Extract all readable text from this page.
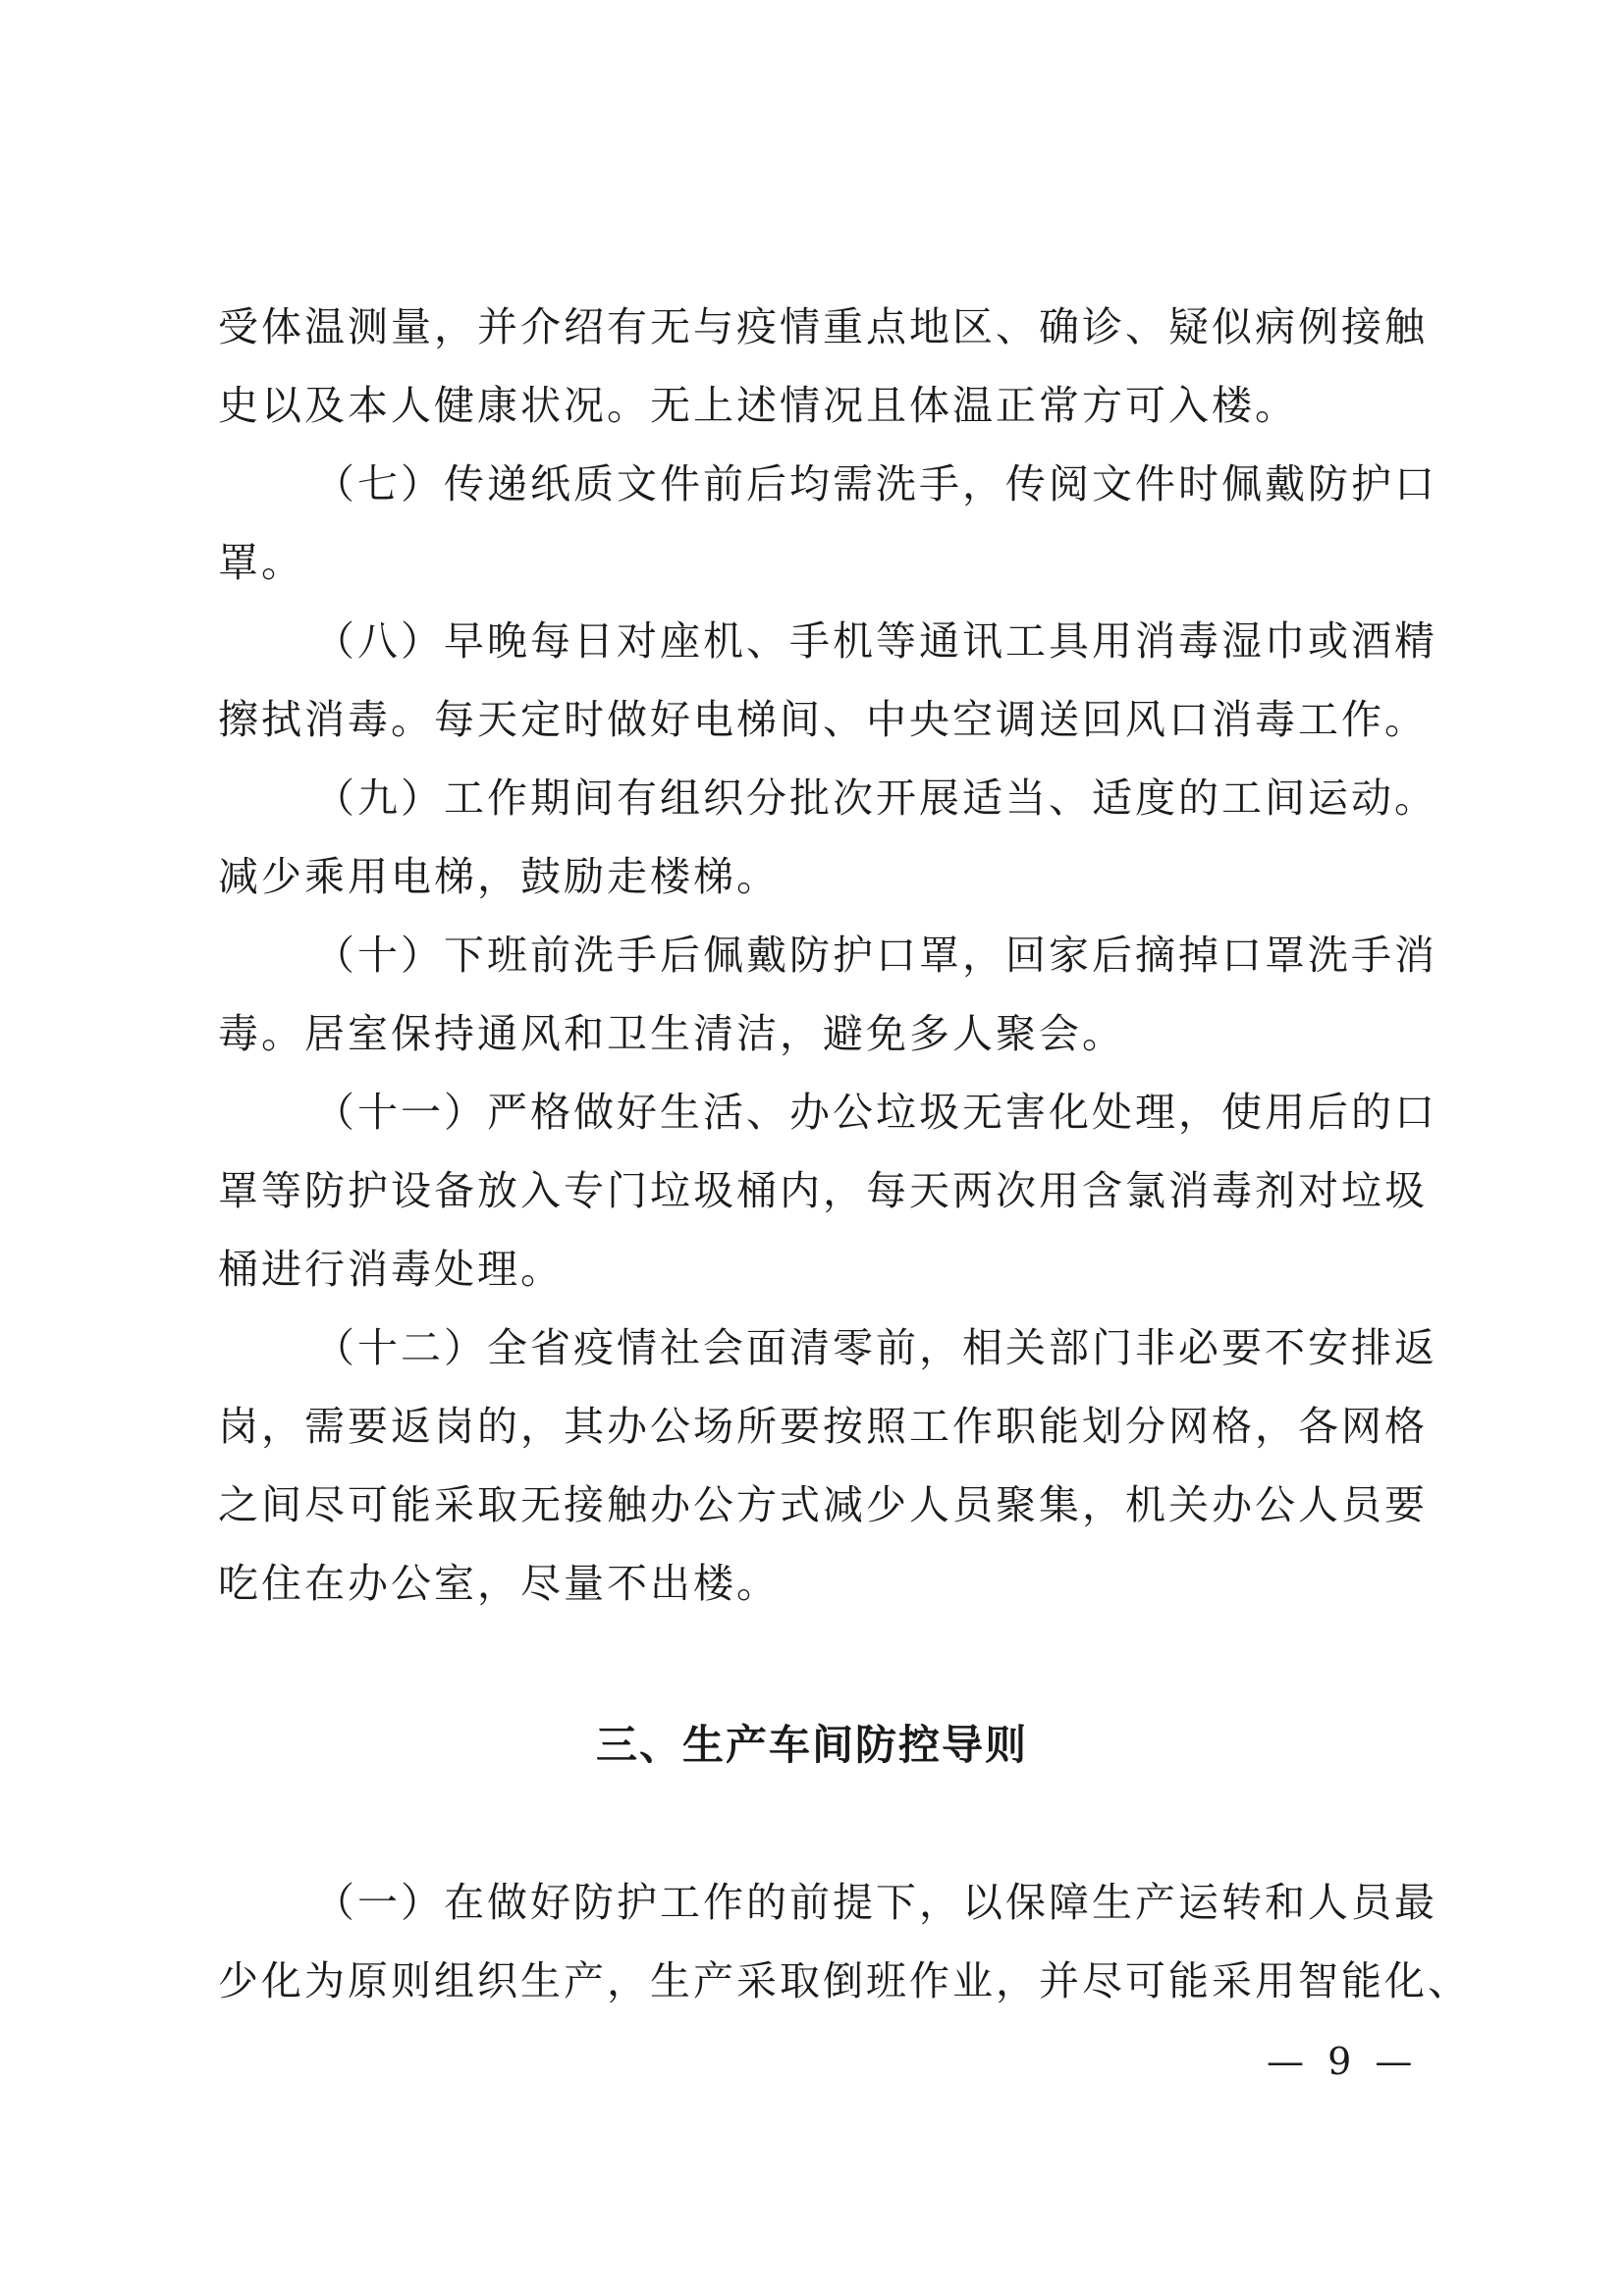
受体温测量，并介绍有无与疫情重点地区、确诊、疑似病例接触
史以及本人健康状况。无上述情况且体温正常方可入楼。
（七）传递纸质文件前后均需洗手，传阅文件时佩戴防护口
罩。
（八）早晚每日对座机、手机等通讯工具用消毒湿巾或酒精
擦拭消毒。每天定时做好电梯间、中央空调送回风口消毒工作。
（九）工作期间有组织分批次开展适当、适度的工间运动。
减少乘用电梯，鼓励走楼梯。
（十）下班前洗手后佩戴防护口罩，回家后摘掉口罩洗手消
毒。居室保持通风和卫生清洁，避免多人聚会。
（十一）严格做好生活、办公垃圾无害化处理，使用后的口
罩等防护设备放入专门垃圾桶内，每天两次用含氯消毒剂对垃圾
桶进行消毒处理。
（十二）全省疫情社会面清零前，相关部门非必要不安排返
岗，需要返岗的，其办公场所要按照工作职能划分网格，各网格
之间尽可能采取无接触办公方式减少人员聚集，机关办公人员要
吃住在办公室，尽量不出楼。
三、生产车间防控导则
（一）在做好防护工作的前提下，以保障生产运转和人员最
少化为原则组织生产，生产采取倒班作业，并尽可能采用智能化、
— 9 —
